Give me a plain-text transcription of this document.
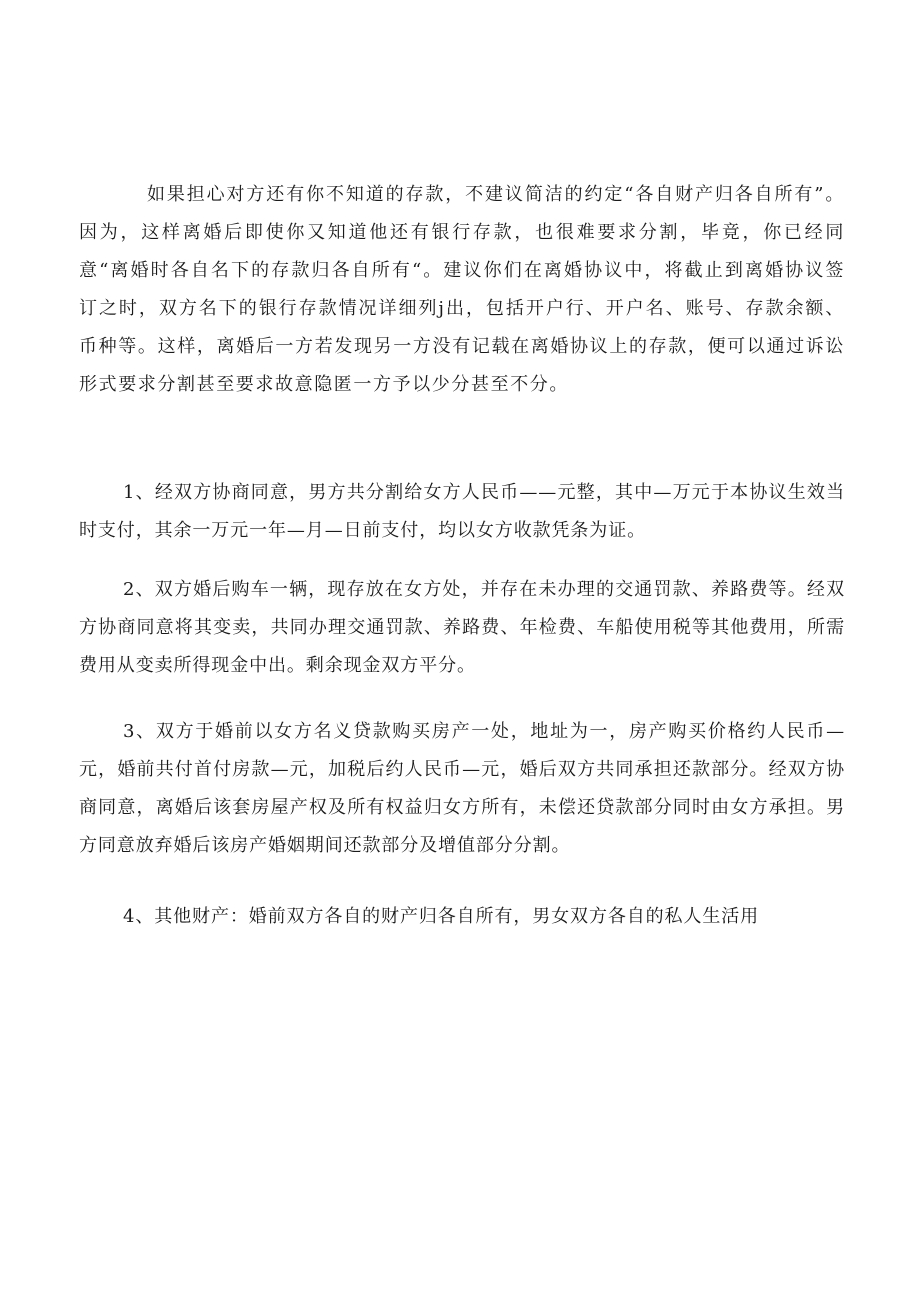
如果担心对方还有你不知道的存款，不建议简洁的约定“各自财产归各自所有”。因为，这样离婚后即使你又知道他还有银行存款，也很难要求分割，毕竟，你已经同意“离婚时各自名下的存款归各自所有“。建议你们在离婚协议中，将截止到离婚协议签订之时，双方名下的银行存款情况详细列j出，包括开户行、开户名、账号、存款余额、币种等。这样，离婚后一方若发现另一方没有记载在离婚协议上的存款，便可以通过诉讼形式要求分割甚至要求故意隐匿一方予以少分甚至不分。

1、经双方协商同意，男方共分割给女方人民币——元整，其中—万元于本协议生效当时支付，其余一万元一年—月—日前支付，均以女方收款凭条为证。

2、双方婚后购车一辆，现存放在女方处，并存在未办理的交通罚款、养路费等。经双方协商同意将其变卖，共同办理交通罚款、养路费、年检费、车船使用税等其他费用，所需费用从变卖所得现金中出。剩余现金双方平分。

3、双方于婚前以女方名义贷款购买房产一处，地址为一，房产购买价格约人民币—元，婚前共付首付房款—元，加税后约人民币—元，婚后双方共同承担还款部分。经双方协商同意，离婚后该套房屋产权及所有权益归女方所有，未偿还贷款部分同时由女方承担。男方同意放弃婚后该房产婚姻期间还款部分及增值部分分割。

4、其他财产：婚前双方各自的财产归各自所有，男女双方各自的私人生活用
